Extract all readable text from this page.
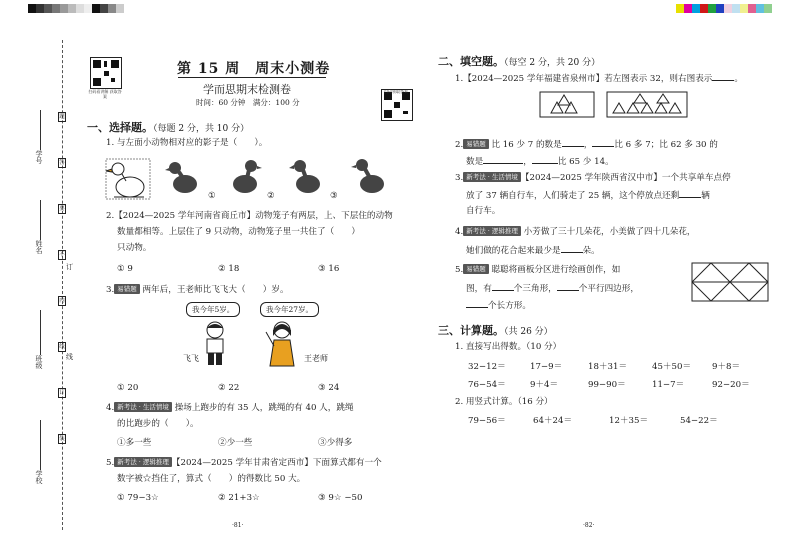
学号
姓名
班级
学校
题
答
要
不
内
线
订
装
订
线
扫码看讲解 获取答案
扫码领取答案
第 15 周　周末小测卷
学而思期末检测卷
时间：60 分钟　满分：100 分
一、选择题。（每题 2 分，共 10 分）
1. 与左面小动物相对应的影子是（　　）。
①	②	③
2.【2024—2025 学年河南省商丘市】动物笼子有两层，上、下层住的动物
数量都相等。上层住了 9 只动物，动物笼子里一共住了（　　）
只动物。
① 9	② 18	③ 16
3. 易错题 两年后，王老师比飞飞大（　　）岁。
我今年5岁。	我今年27岁。
飞飞	王老师
① 20	② 22	③ 24
4. 新考法 · 生活情境 操场上跑步的有 35 人，跳绳的有 40 人，跳绳
的比跑步的（　　）。
①多一些	②少一些	③少得多
5. 新考法 · 逻辑推理 【2024—2025 学年甘肃省定西市】下面算式都有一个
数字被☆挡住了，算式（　　）的得数比 50 大。
① 79−3☆	② 21+3☆	③ 9☆ −50
·81·
二、填空题。（每空 2 分，共 20 分）
1.【2024—2025 学年福建省泉州市】若左图表示 32，则右图表示	。
2. 易错题 比 16 少 7 的数是	，	比 6 多 7；比 62 多 30 的
数是	，	比 65 少 14。
3. 新考法 · 生活情境 【2024—2025 学年陕西省汉中市】一个共享单车点停
放了 37 辆自行车，人们骑走了 25 辆，这个停放点还剩	辆
自行车。
4. 新考法 · 逻辑推理 小芳做了三十几朵花，小美做了四十几朵花，
她们做的花合起来最少是	朵。
5. 易错题 聪聪将画板分区进行绘画创作，如
图，有	个三角形，	个平行四边形，
个长方形。
三、计算题。（共 26 分）
1. 直接写出得数。（10 分）
32−12＝	17−9＝	18＋31＝	45＋50＝ 9＋8＝
76−54＝	9＋4＝	99−90＝	11−7＝	92−20＝
2. 用竖式计算。（16 分）
79−56＝	64＋24＝	12＋35＝	54−22＝
·82·
